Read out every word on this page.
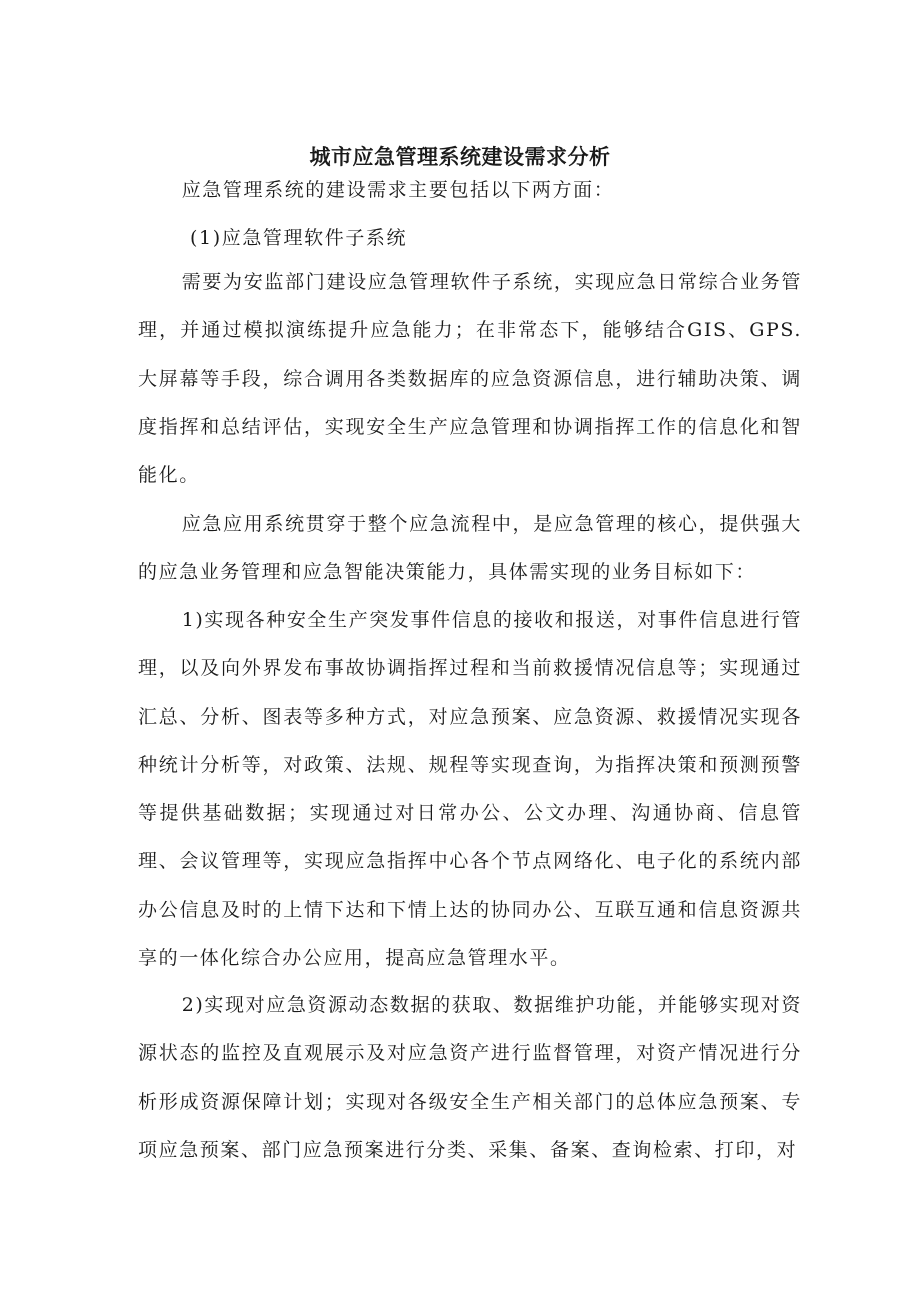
城市应急管理系统建设需求分析

应急管理系统的建设需求主要包括以下两方面：

(1)应急管理软件子系统

需要为安监部门建设应急管理软件子系统，实现应急日常综合业务管理，并通过模拟演练提升应急能力；在非常态下，能够结合GIS、GPS.大屏幕等手段，综合调用各类数据库的应急资源信息，进行辅助决策、调度指挥和总结评估，实现安全生产应急管理和协调指挥工作的信息化和智能化。

应急应用系统贯穿于整个应急流程中，是应急管理的核心，提供强大的应急业务管理和应急智能决策能力，具体需实现的业务目标如下：

1)实现各种安全生产突发事件信息的接收和报送，对事件信息进行管理，以及向外界发布事故协调指挥过程和当前救援情况信息等；实现通过汇总、分析、图表等多种方式，对应急预案、应急资源、救援情况实现各种统计分析等，对政策、法规、规程等实现查询，为指挥决策和预测预警等提供基础数据；实现通过对日常办公、公文办理、沟通协商、信息管理、会议管理等，实现应急指挥中心各个节点网络化、电子化的系统内部办公信息及时的上情下达和下情上达的协同办公、互联互通和信息资源共享的一体化综合办公应用，提高应急管理水平。

2)实现对应急资源动态数据的获取、数据维护功能，并能够实现对资源状态的监控及直观展示及对应急资产进行监督管理，对资产情况进行分析形成资源保障计划；实现对各级安全生产相关部门的总体应急预案、专项应急预案、部门应急预案进行分类、采集、备案、查询检索、打印，对
